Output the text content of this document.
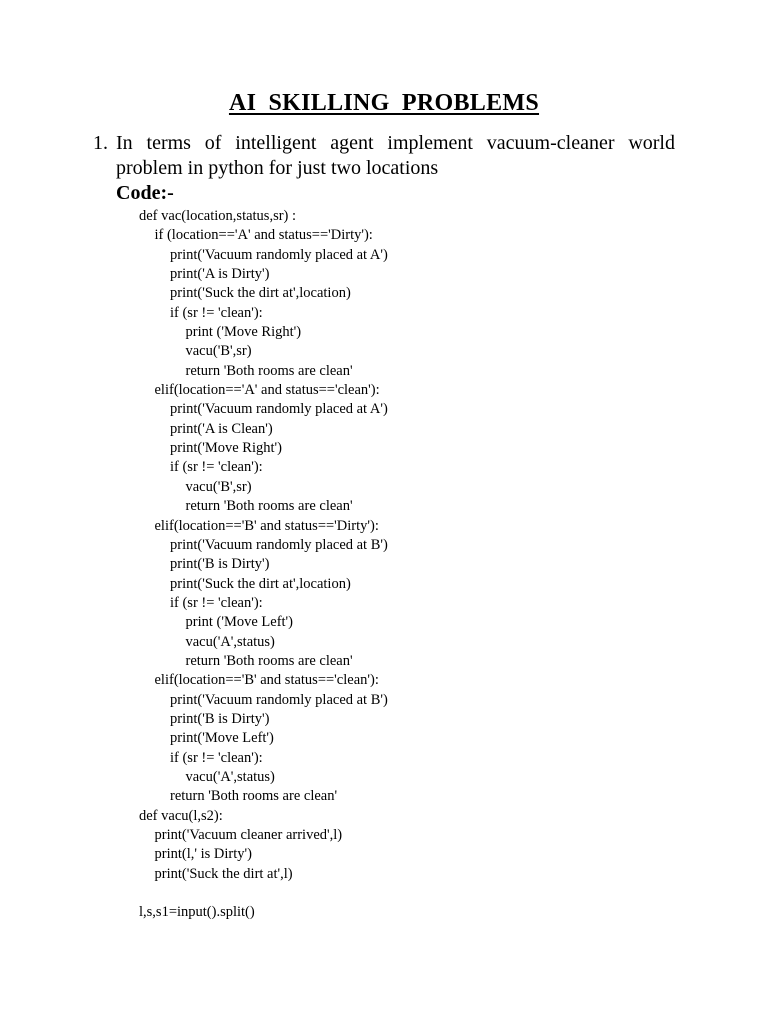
AI SKILLING PROBLEMS
1. In terms of intelligent agent implement vacuum-cleaner world
problem in python for just two locations
Code:-
def vac(location,status,sr) :
if (location=='A' and status=='Dirty'):
print('Vacuum randomly placed at A')
print('A is Dirty')
print('Suck the dirt at',location)
if (sr != 'clean'):
print ('Move Right')
vacu('B',sr)
return 'Both rooms are clean'
elif(location=='A' and status=='clean'):
print('Vacuum randomly placed at A')
print('A is Clean')
print('Move Right')
if (sr != 'clean'):
vacu('B',sr)
return 'Both rooms are clean'
elif(location=='B' and status=='Dirty'):
print('Vacuum randomly placed at B')
print('B is Dirty')
print('Suck the dirt at',location)
if (sr != 'clean'):
print ('Move Left')
vacu('A',status)
return 'Both rooms are clean'
elif(location=='B' and status=='clean'):
print('Vacuum randomly placed at B')
print('B is Dirty')
print('Move Left')
if (sr != 'clean'):
vacu('A',status)
return 'Both rooms are clean'
def vacu(l,s2):
print('Vacuum cleaner arrived',l)
print(l,' is Dirty')
print('Suck the dirt at',l)
l,s,s1=input().split()
